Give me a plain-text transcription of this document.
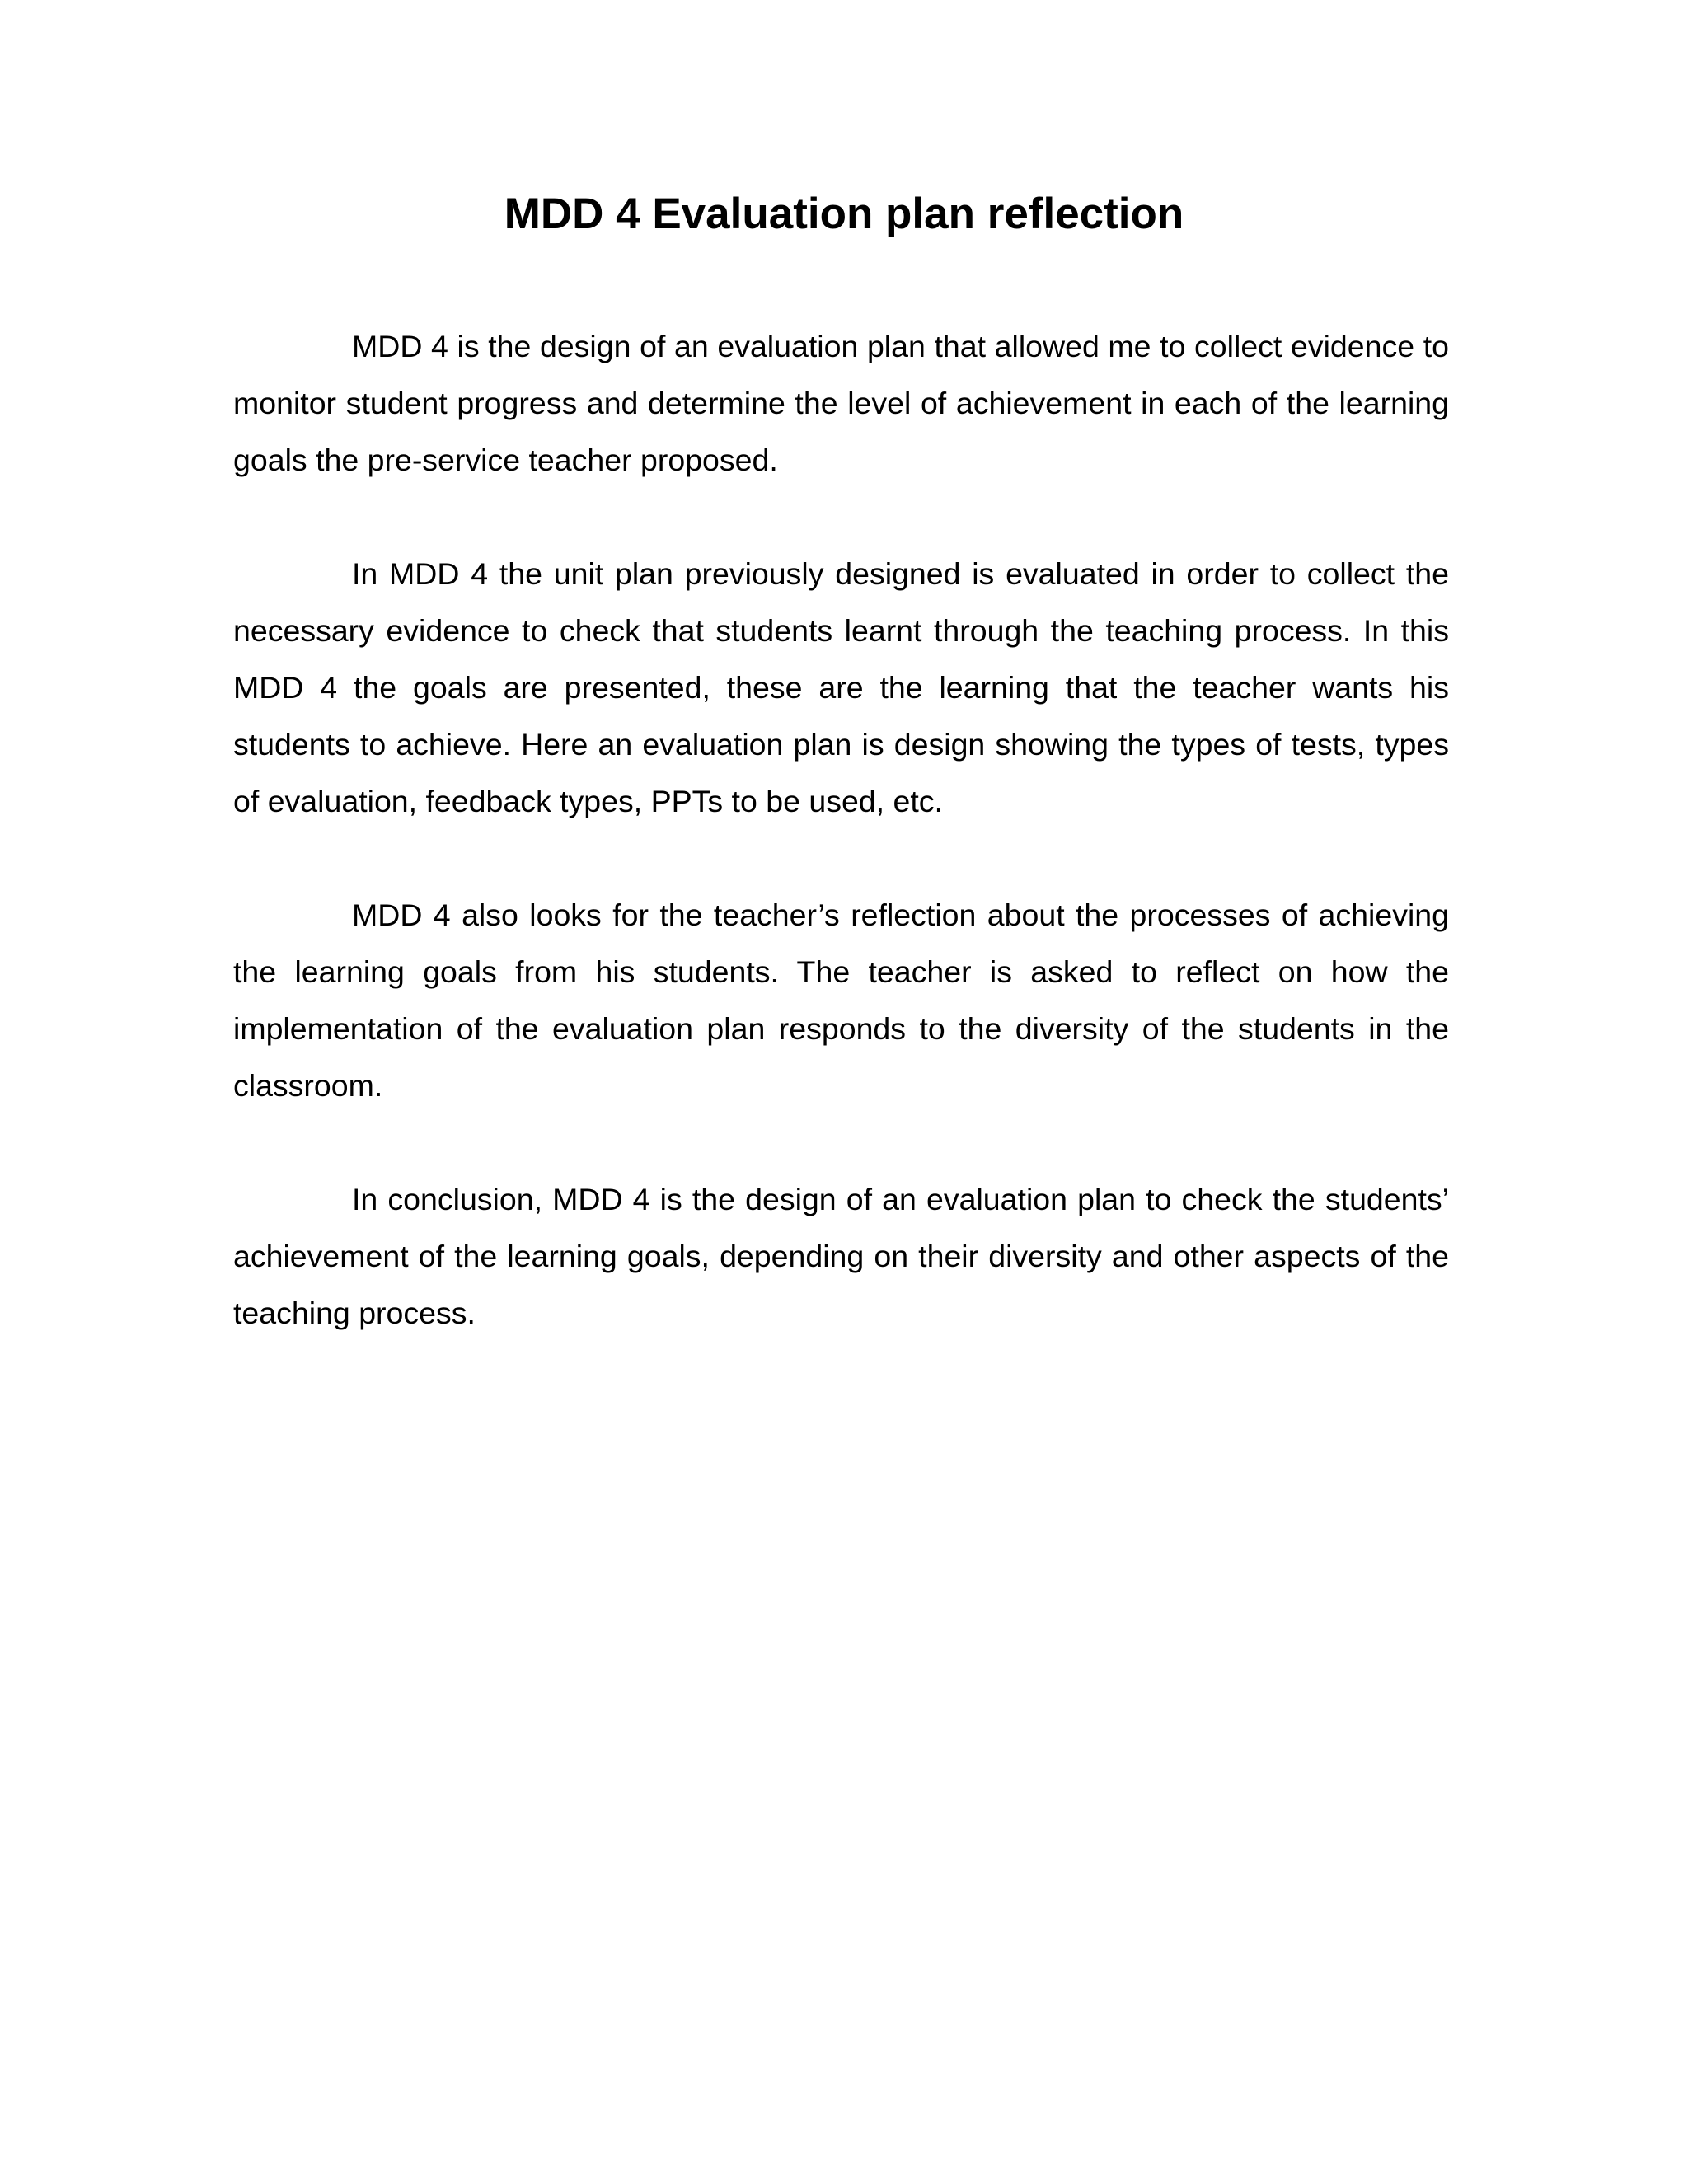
MDD 4 Evaluation plan reflection

MDD 4 is the design of an evaluation plan that allowed me to collect evidence to monitor student progress and determine the level of achievement in each of the learning goals the pre-service teacher proposed.

In MDD 4 the unit plan previously designed is evaluated in order to collect the necessary evidence to check that students learnt through the teaching process. In this MDD 4 the goals are presented, these are the learning that the teacher wants his students to achieve. Here an evaluation plan is design showing the types of tests, types of evaluation, feedback types, PPTs to be used, etc.

MDD 4 also looks for the teacher’s reflection about the processes of achieving the learning goals from his students. The teacher is asked to reflect on how the implementation of the evaluation plan responds to the diversity of the students in the classroom.

In conclusion, MDD 4 is the design of an evaluation plan to check the students’ achievement of the learning goals, depending on their diversity and other aspects of the teaching process.
